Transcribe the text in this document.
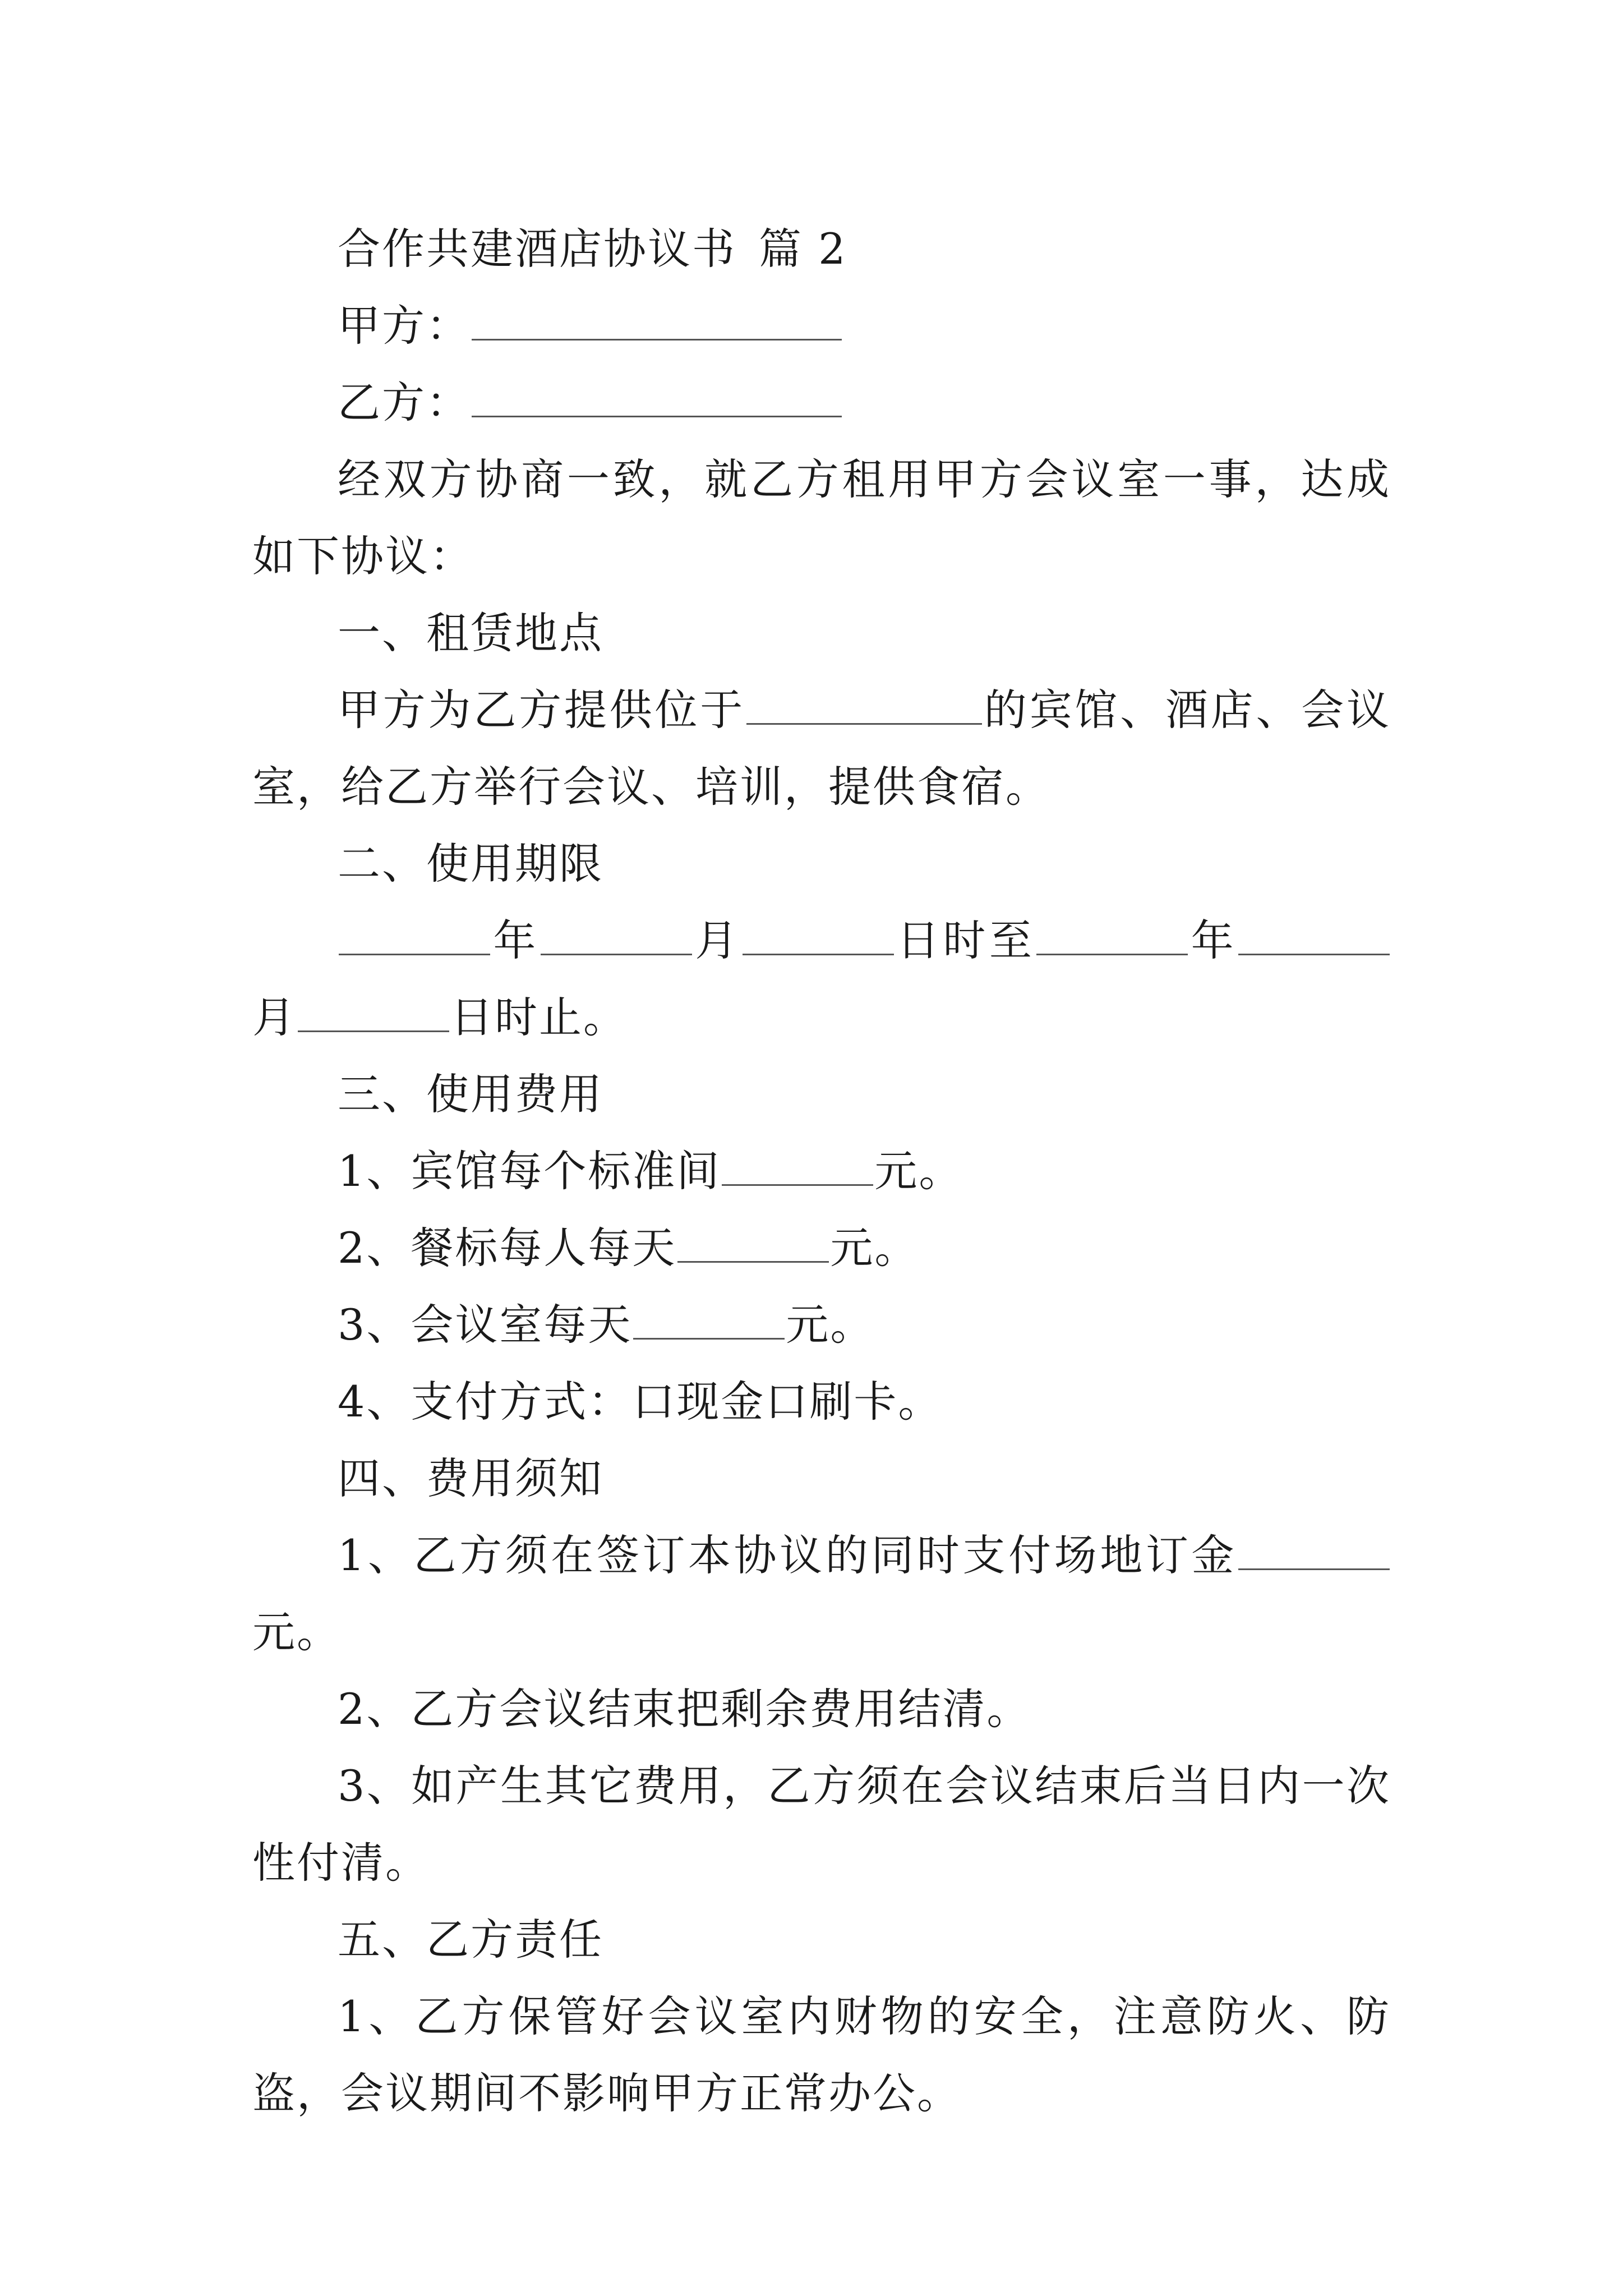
合作共建酒店协议书 篇 2

甲方：

乙方：

经双方协商一致，就乙方租用甲方会议室一事，达成如下协议：

一、租赁地点

甲方为乙方提供位于	的宾馆、酒店、会议室，给乙方举行会议、培训，提供食宿。

二、使用期限

年	月	日时至	年月	日时止。

三、使用费用

1、宾馆每个标准间	元。

2、餐标每人每天	元。

3、会议室每天	元。

4、支付方式：口现金口刷卡。

四、费用须知

1、乙方须在签订本协议的同时支付场地订金元。

2、乙方会议结束把剩余费用结清。

3、如产生其它费用，乙方须在会议结束后当日内一次性付清。

五、乙方责任

1、乙方保管好会议室内财物的安全，注意防火、防盗，会议期间不影响甲方正常办公。
